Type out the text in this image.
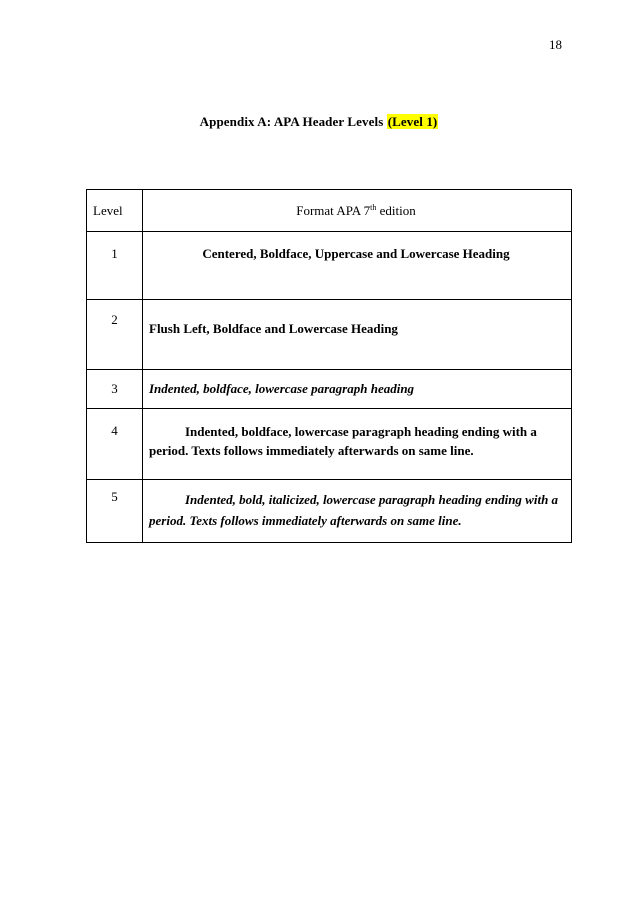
18
Appendix A: APA Header Levels (Level 1)
Level	Format APA 7th edition
1	Centered, Boldface, Uppercase and Lowercase Heading
2	Flush Left, Boldface and Lowercase Heading
3	Indented, boldface, lowercase paragraph heading
4	Indented, boldface, lowercase paragraph heading ending with a period. Texts follows immediately afterwards on same line.
5	Indented, bold, italicized, lowercase paragraph heading ending with a period. Texts follows immediately afterwards on same line.
